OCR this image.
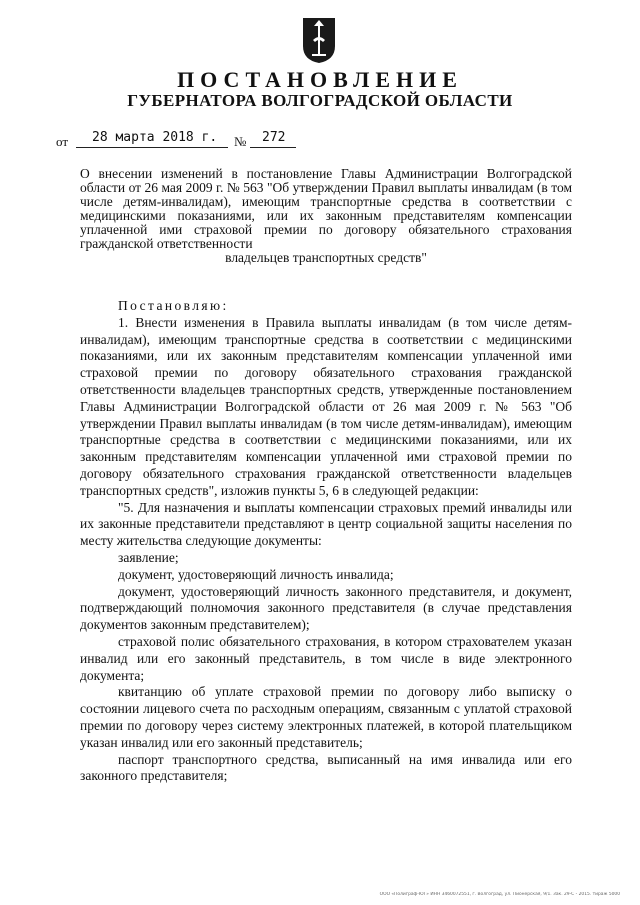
ПОСТАНОВЛЕНИЕ
ГУБЕРНАТОРА ВОЛГОГРАДСКОЙ ОБЛАСТИ
от 28 марта 2018 г. № 272
О внесении изменений в постановление Главы Администрации Волгоградской области от 26 мая 2009 г. № 563 "Об утверждении Правил выплаты инвалидам (в том числе детям-инвалидам), имеющим транспортные средства в соответствии с медицинскими показаниями, или их законным представителям компенсации уплаченной ими страховой премии по договору обязательного страхования гражданской ответственности
владельцев транспортных средств"

Постановляю:

1. Внести изменения в Правила выплаты инвалидам (в том числе детям-инвалидам), имеющим транспортные средства в соответствии с медицинскими показаниями, или их законным представителям компенсации уплаченной ими страховой премии по договору обязательного страхования гражданской ответственности владельцев транспортных средств, утвержденные постановлением Главы Администрации Волгоградской области от 26 мая 2009 г. № 563 "Об утверждении Правил выплаты инвалидам (в том числе детям-инвалидам), имеющим транспортные средства в соответствии с медицинскими показаниями, или их законным представителям компенсации уплаченной ими страховой премии по договору обязательного страхования гражданской ответственности владельцев транспортных средств", изложив пункты 5, 6 в следующей редакции:

"5. Для назначения и выплаты компенсации страховых премий инвалиды или их законные представители представляют в центр социальной защиты населения по месту жительства следующие документы:

заявление;

документ, удостоверяющий личность инвалида;

документ, удостоверяющий личность законного представителя, и документ, подтверждающий полномочия законного представителя (в случае представления документов законным представителем);

страховой полис обязательного страхования, в котором страхователем указан инвалид или его законный представитель, в том числе в виде электронного документа;

квитанцию об уплате страховой премии по договору либо выписку о состоянии лицевого счета по расходным операциям, связанным с уплатой страховой премии по договору через систему электронных платежей, в которой плательщиком указан инвалид или его законный представитель;

паспорт транспортного средства, выписанный на имя инвалида или его законного представителя;

ООО «Полиграф-ЮГ» ИНН 3460072551, г. Волгоград, ул. Пионерская, 9/1. Зак. 29-С - 2015. тираж 5000
